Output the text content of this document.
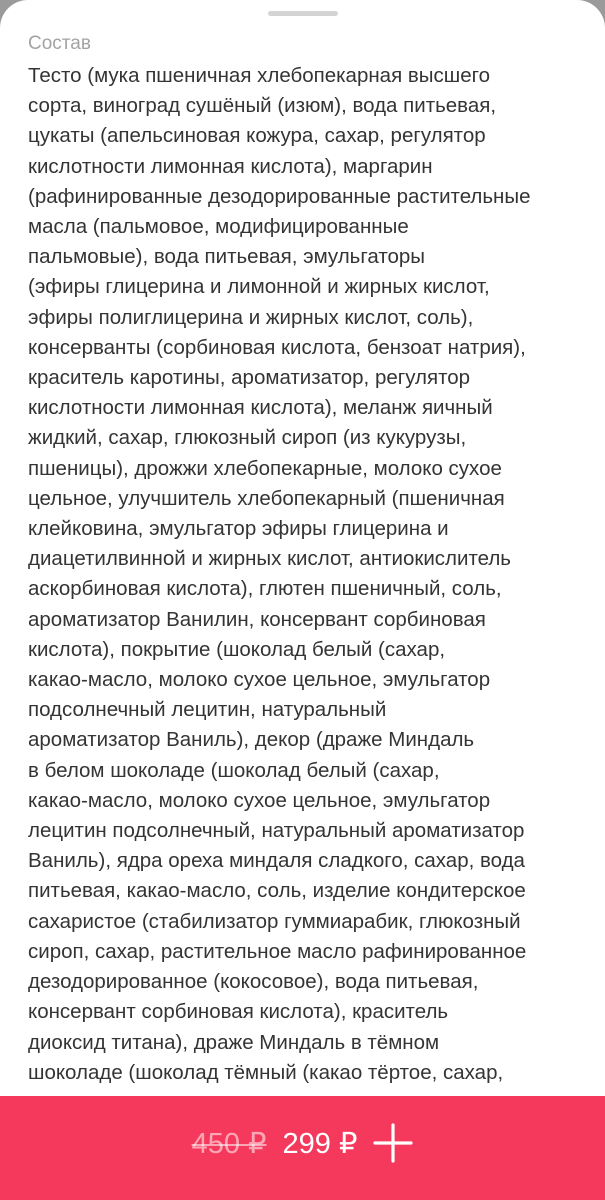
Состав

Тесто (мука пшеничная хлебопекарная высшего
сорта, виноград сушёный (изюм), вода питьевая,
цукаты (апельсиновая кожура, сахар, регулятор
кислотности лимонная кислота), маргарин
(рафинированные дезодорированные растительные
масла (пальмовое, модифицированные
пальмовые), вода питьевая, эмульгаторы
(эфиры глицерина и лимонной и жирных кислот,
эфиры полиглицерина и жирных кислот, соль),
консерванты (сорбиновая кислота, бензоат натрия),
краситель каротины, ароматизатор, регулятор
кислотности лимонная кислота), меланж яичный
жидкий, сахар, глюкозный сироп (из кукурузы,
пшеницы), дрожжи хлебопекарные, молоко сухое
цельное, улучшитель хлебопекарный (пшеничная
клейковина, эмульгатор эфиры глицерина и
диацетилвинной и жирных кислот, антиокислитель
аскорбиновая кислота), глютен пшеничный, соль,
ароматизатор Ванилин, консервант сорбиновая
кислота), покрытие (шоколад белый (сахар,
какао-масло, молоко сухое цельное, эмульгатор
подсолнечный лецитин, натуральный
ароматизатор Ваниль), декор (драже Миндаль
в белом шоколаде (шоколад белый (сахар,
какао-масло, молоко сухое цельное, эмульгатор
лецитин подсолнечный, натуральный ароматизатор
Ваниль), ядра ореха миндаля сладкого, сахар, вода
питьевая, какао-масло, соль, изделие кондитерское
сахаристое (стабилизатор гуммиарабик, глюкозный
сироп, сахар, растительное масло рафинированное
дезодорированное (кокосовое), вода питьевая,
консервант сорбиновая кислота), краситель
диоксид титана), драже Миндаль в тёмном
шоколаде (шоколад тёмный (какао тёртое, сахар,

450 ₽ 299 ₽
